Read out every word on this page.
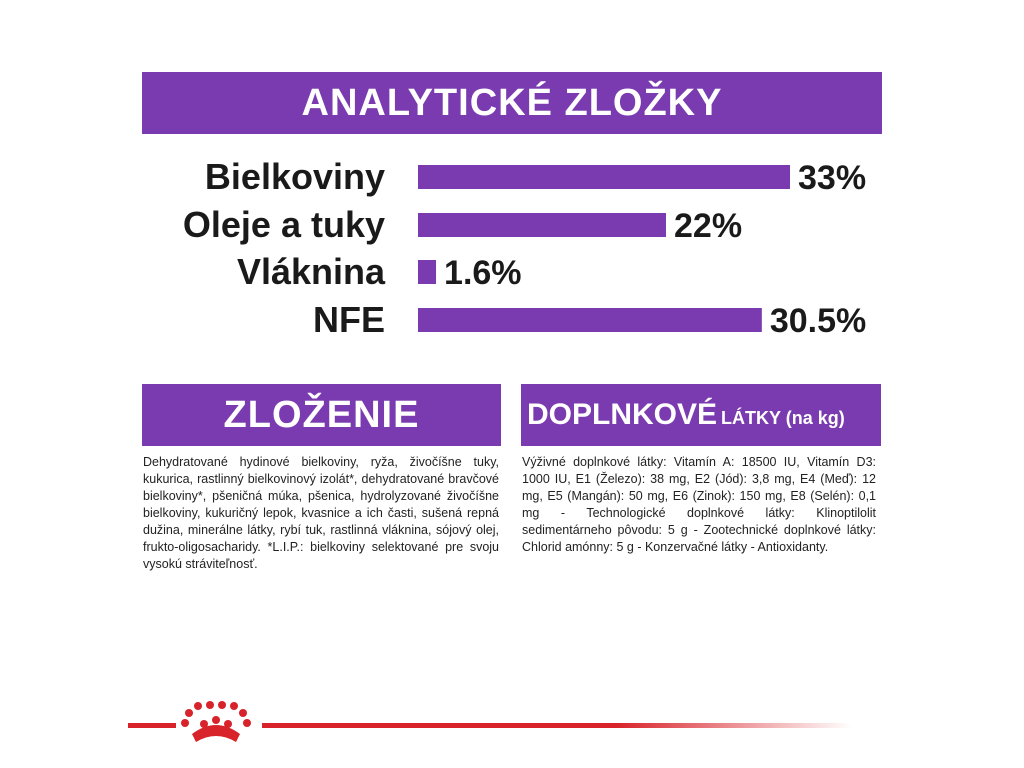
ANALYTICKÉ ZLOŽKY
Bielkoviny	33%
Oleje a tuky	22%
Vláknina 1.6%
NFE	30.5%
ZLOŽENIE

Dehydratované hydinové bielkoviny, ryža, živočíšne tuky, kukurica, rastlinný bielkovinový izolát*, dehydratované bravčové bielkoviny*, pšeničná múka, pšenica, hydrolyzované živočíšne bielkoviny, kukuričný lepok, kvasnice a ich časti, sušená repná dužina, minerálne látky, rybí tuk, rastlinná vláknina, sójový olej, frukto-oligosacharidy. *L.I.P.: bielkoviny selektované pre svoju vysokú stráviteľnosť.

DOPLNKOVÉ LÁTKY (na kg)

Výživné doplnkové látky: Vitamín A: 18500 IU, Vitamín D3: 1000 IU, E1 (Železo): 38 mg, E2 (Jód): 3,8 mg, E4 (Meď): 12 mg, E5 (Mangán): 50 mg, E6 (Zinok): 150 mg, E8 (Selén): 0,1 mg - Technologické doplnkové látky: Klinoptilolit sedimentárneho pôvodu: 5 g - Zootechnické doplnkové látky: Chlorid amónny: 5 g - Konzervačné látky - Antioxidanty.
